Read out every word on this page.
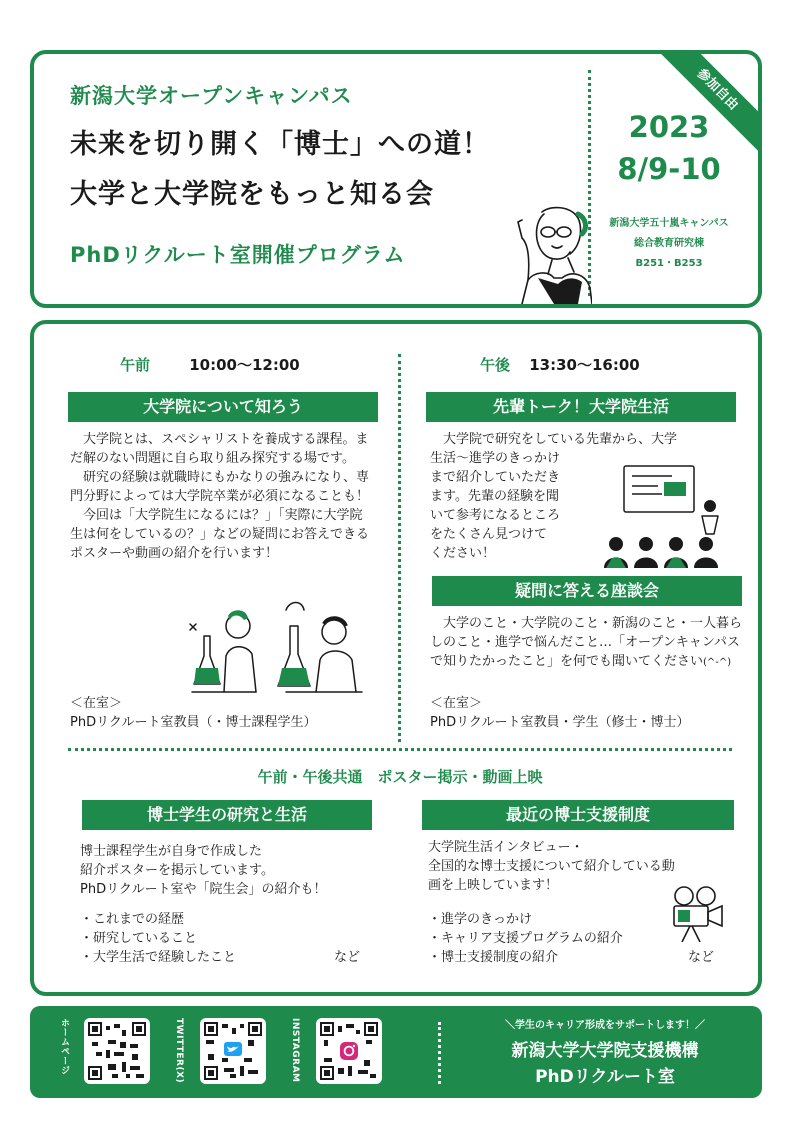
新潟大学オープンキャンパス
未来を切り開く「博士」への道！
大学と大学院をもっと知る会
PhDリクルート室開催プログラム
2023
8/9-10
新潟大学五十嵐キャンパス
総合教育研究棟
B251・B253
参加自由
午前	10:00〜12:00
大学院について知ろう

大学院とは、スペシャリストを養成する課程。まだ解のない問題に自ら取り組み探究する場です。

研究の経験は就職時にもかなりの強みになり、専門分野によっては大学院卒業が必須になることも！

今回は「大学院生になるには？」「実際に大学院生は何をしているの？」などの疑問にお答えできるポスターや動画の紹介を行います！

＜在室＞

PhDリクルート室教員（・博士課程学生）

午後 13:30〜16:00
先輩トーク！大学院生活

大学院で研究をしている先輩から、大学

生活〜進学のきっかけ

まで紹介していただき

ます。先輩の経験を聞

いて参考になるところ

をたくさん見つけて

ください！

疑問に答える座談会

大学のこと・大学院のこと・新潟のこと・一人暮らしのこと・進学で悩んだこと…「オープンキャンパスで知りたかったこと」を何でも聞いてください(^-^)

＜在室＞

PhDリクルート室教員・学生（修士・博士）

午前・午後共通　ポスター掲示・動画上映
博士学生の研究と生活

博士課程学生が自身で作成した

紹介ポスターを掲示しています。

PhDリクルート室や「院生会」の紹介も！

・これまでの経歴

・研究していること

・大学生活で経験したこと	など
最近の博士支援制度

大学院生活インタビュー・

全国的な博士支援について紹介している動

画を上映しています！

・進学のきっかけ

・キャリア支援プログラムの紹介

・博士支援制度の紹介	など
ホームページ	TWITTER(X)	INSTAGRAM	＼学生のキャリア形成をサポートします！／
新潟大学大学院支援機構
PhDリクルート室
